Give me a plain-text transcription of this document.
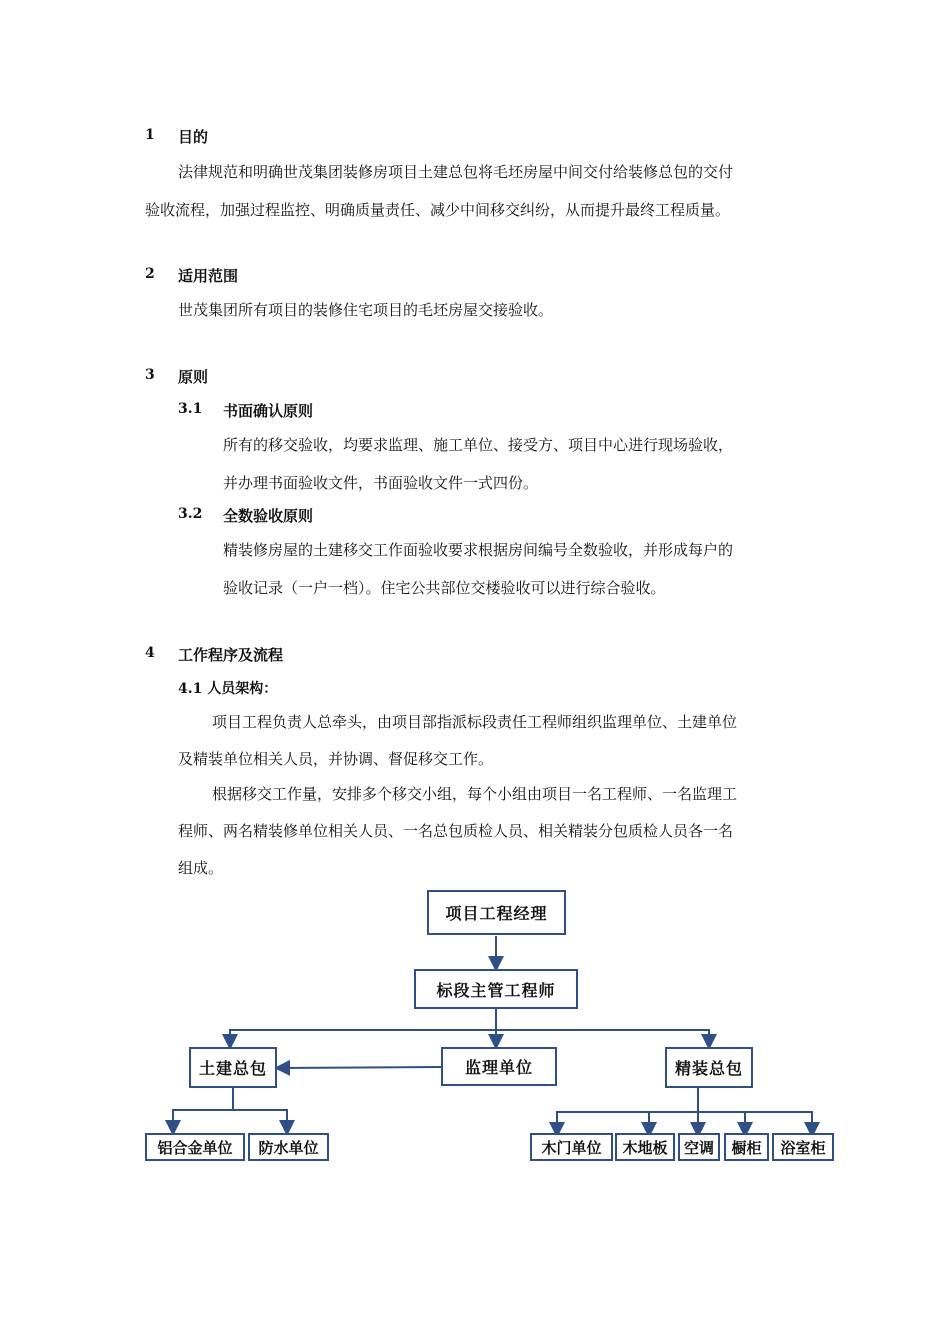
1 目的
法律规范和明确世茂集团装修房项目土建总包将毛坯房屋中间交付给装修总包的交付
验收流程，加强过程监控、明确质量责任、减少中间移交纠纷，从而提升最终工程质量。
2 适用范围
世茂集团所有项目的装修住宅项目的毛坯房屋交接验收。
3 原则
3.1 书面确认原则
所有的移交验收，均要求监理、施工单位、接受方、项目中心进行现场验收，
并办理书面验收文件，书面验收文件一式四份。
3.2 全数验收原则
精装修房屋的土建移交工作面验收要求根据房间编号全数验收，并形成每户的
验收记录（一户一档）。住宅公共部位交楼验收可以进行综合验收。
4 工作程序及流程
4.1 人员架构：
项目工程负责人总牵头，由项目部指派标段责任工程师组织监理单位、土建单位
及精装单位相关人员，并协调、督促移交工作。
根据移交工作量，安排多个移交小组，每个小组由项目一名工程师、一名监理工
程师、两名精装修单位相关人员、一名总包质检人员、相关精装分包质检人员各一名
组成。
项目工程经理
标段主管工程师
土建总包	监理单位	精装总包
铝合金单位	防水单位	木门单位	木地板	空调	橱柜	浴室柜
